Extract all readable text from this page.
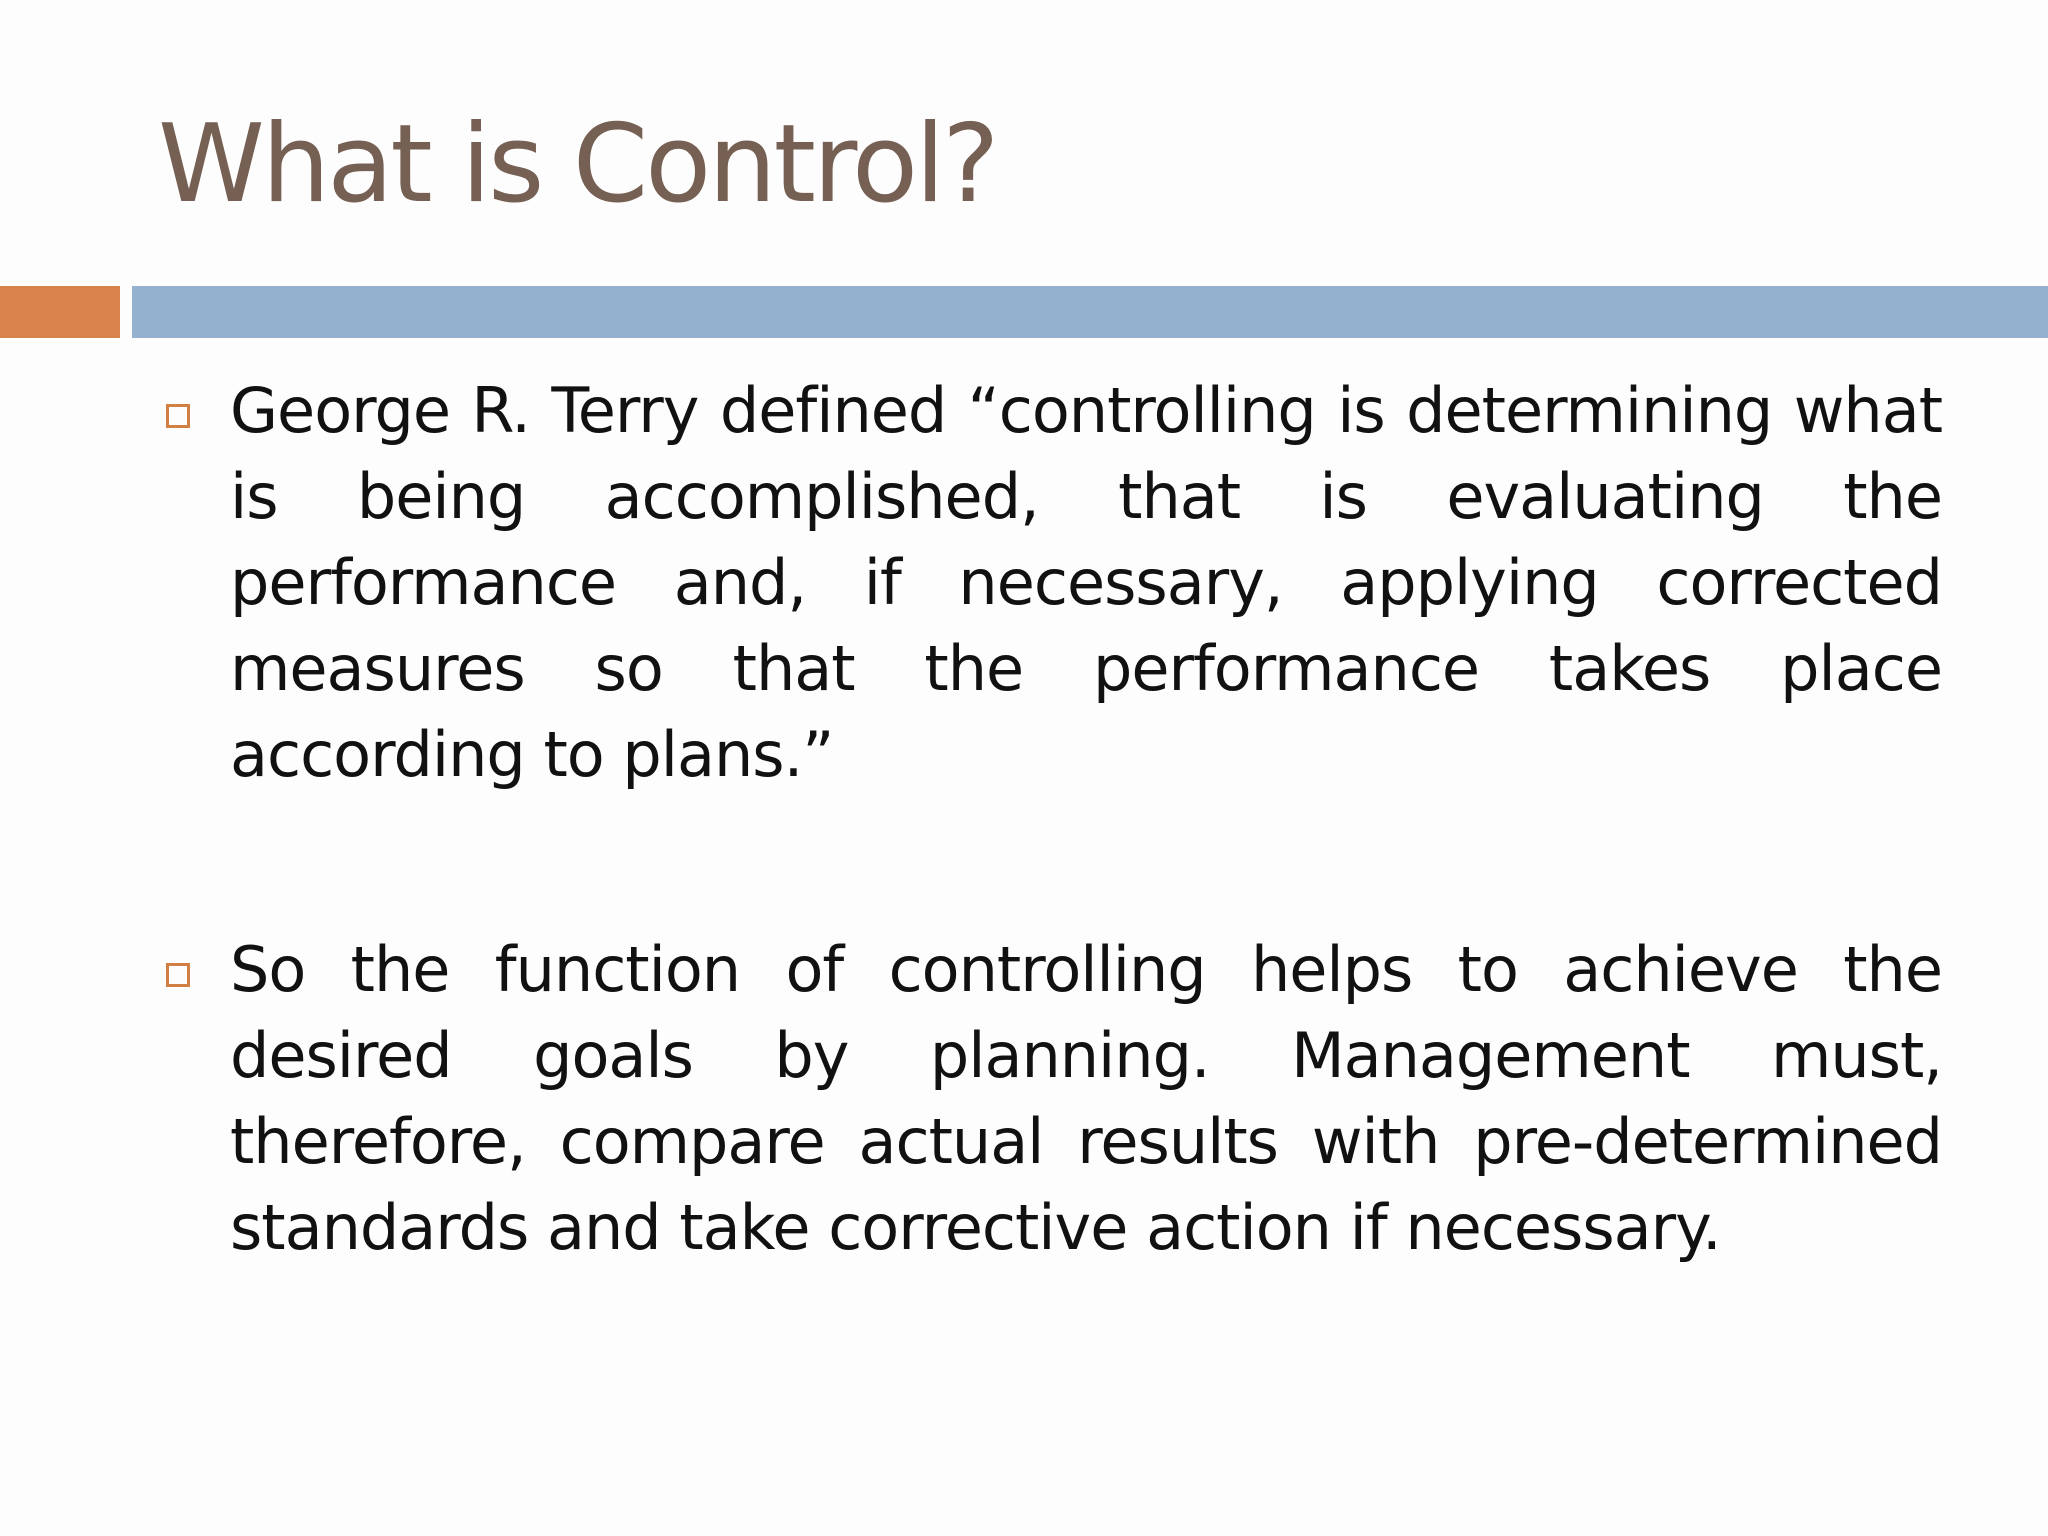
What is Control?
George R. Terry defined “controlling is determining what is being accomplished, that is evaluating the performance and, if necessary, applying corrected measures so that the performance takes place according to plans.”
So the function of controlling helps to achieve the desired goals by planning. Management must, therefore, compare actual results with pre-determined standards and take corrective action if necessary.
